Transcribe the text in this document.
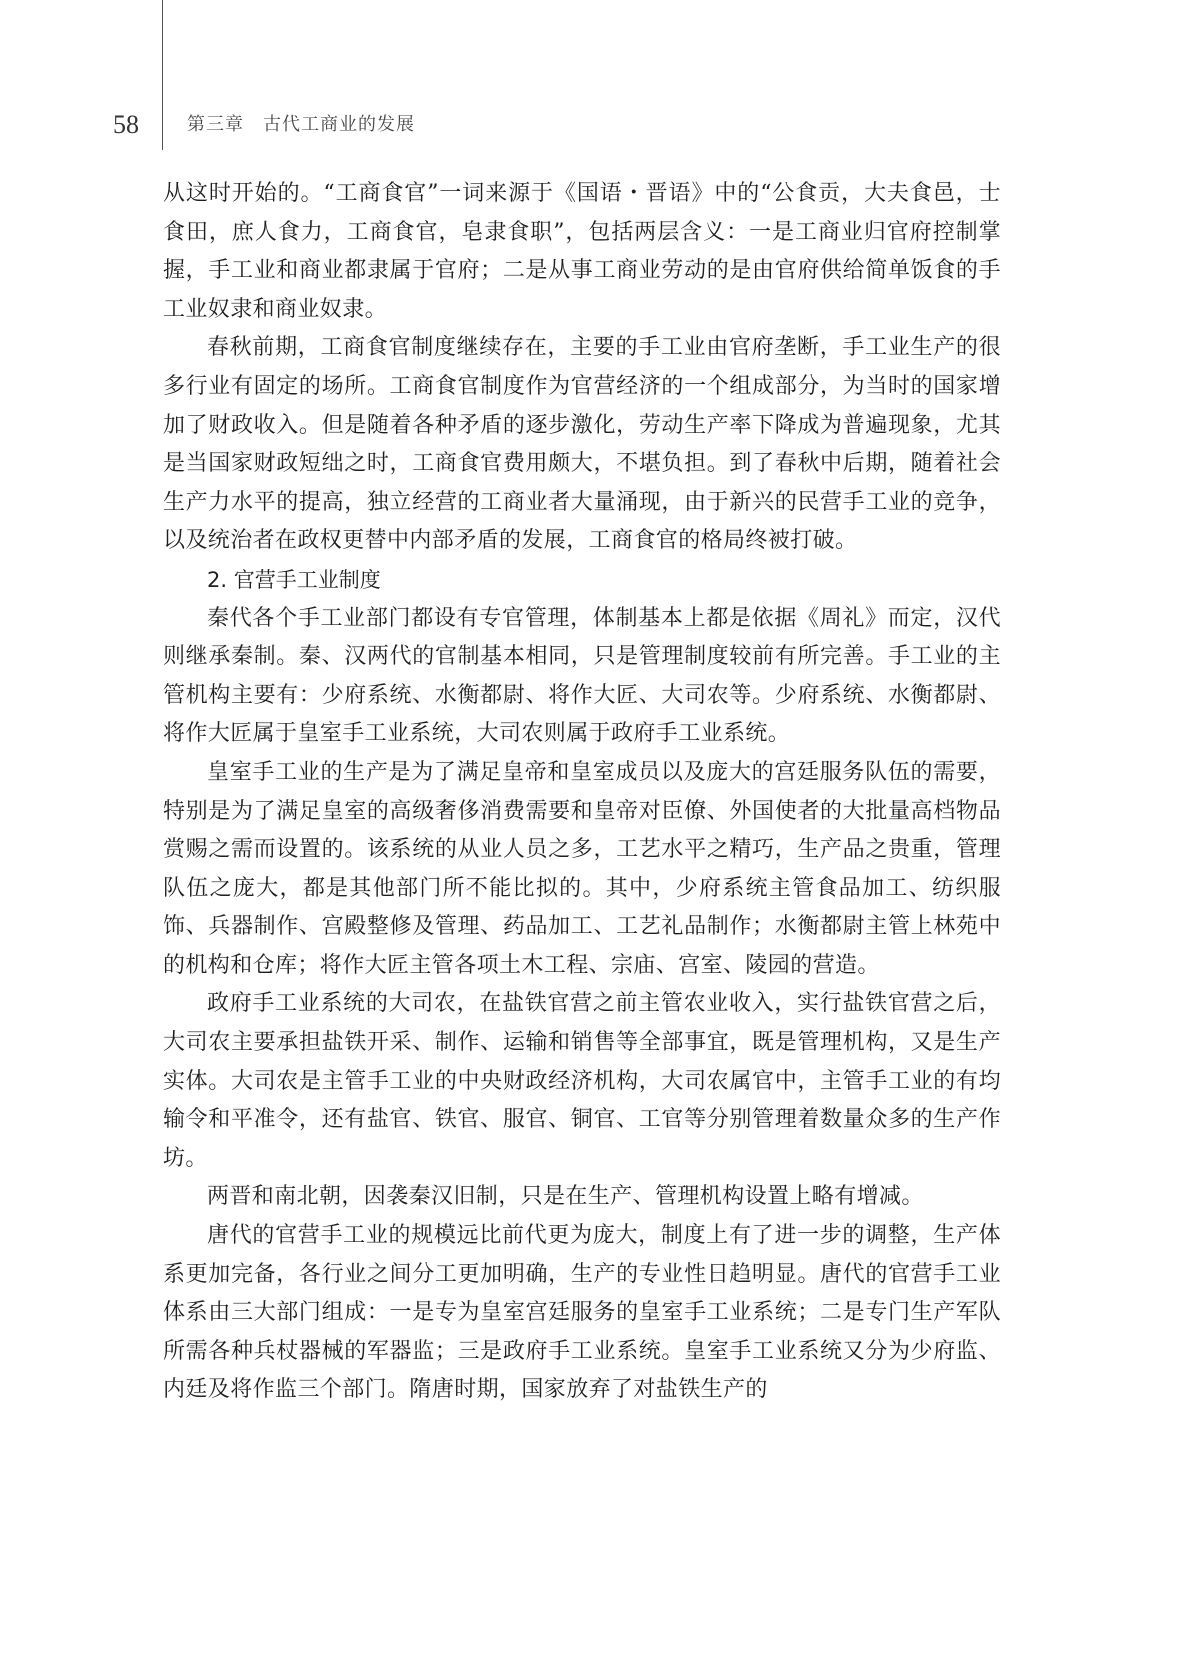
58	第三章　古代工商业的发展

从这时开始的。“工商食官”一词来源于《国语・晋语》中的“公食贡，大夫食邑，士食田，庶人食力，工商食官，皂隶食职”，包括两层含义：一是工商业归官府控制掌握，手工业和商业都隶属于官府；二是从事工商业劳动的是由官府供给简单饭食的手工业奴隶和商业奴隶。

春秋前期，工商食官制度继续存在，主要的手工业由官府垄断，手工业生产的很多行业有固定的场所。工商食官制度作为官营经济的一个组成部分，为当时的国家增加了财政收入。但是随着各种矛盾的逐步激化，劳动生产率下降成为普遍现象，尤其是当国家财政短绌之时，工商食官费用颇大，不堪负担。到了春秋中后期，随着社会生产力水平的提高，独立经营的工商业者大量涌现，由于新兴的民营手工业的竞争，以及统治者在政权更替中内部矛盾的发展，工商食官的格局终被打破。

2. 官营手工业制度

秦代各个手工业部门都设有专官管理，体制基本上都是依据《周礼》而定，汉代则继承秦制。秦、汉两代的官制基本相同，只是管理制度较前有所完善。手工业的主管机构主要有：少府系统、水衡都尉、将作大匠、大司农等。少府系统、水衡都尉、将作大匠属于皇室手工业系统，大司农则属于政府手工业系统。

皇室手工业的生产是为了满足皇帝和皇室成员以及庞大的宫廷服务队伍的需要，特别是为了满足皇室的高级奢侈消费需要和皇帝对臣僚、外国使者的大批量高档物品赏赐之需而设置的。该系统的从业人员之多，工艺水平之精巧，生产品之贵重，管理队伍之庞大，都是其他部门所不能比拟的。其中，少府系统主管食品加工、纺织服饰、兵器制作、宫殿整修及管理、药品加工、工艺礼品制作；水衡都尉主管上林苑中的机构和仓库；将作大匠主管各项土木工程、宗庙、宫室、陵园的营造。

政府手工业系统的大司农，在盐铁官营之前主管农业收入，实行盐铁官营之后，大司农主要承担盐铁开采、制作、运输和销售等全部事宜，既是管理机构，又是生产实体。大司农是主管手工业的中央财政经济机构，大司农属官中，主管手工业的有均输令和平准令，还有盐官、铁官、服官、铜官、工官等分别管理着数量众多的生产作坊。

两晋和南北朝，因袭秦汉旧制，只是在生产、管理机构设置上略有增减。

唐代的官营手工业的规模远比前代更为庞大，制度上有了进一步的调整，生产体系更加完备，各行业之间分工更加明确，生产的专业性日趋明显。唐代的官营手工业体系由三大部门组成：一是专为皇室宫廷服务的皇室手工业系统；二是专门生产军队所需各种兵杖器械的军器监；三是政府手工业系统。皇室手工业系统又分为少府监、内廷及将作监三个部门。隋唐时期，国家放弃了对盐铁生产的
